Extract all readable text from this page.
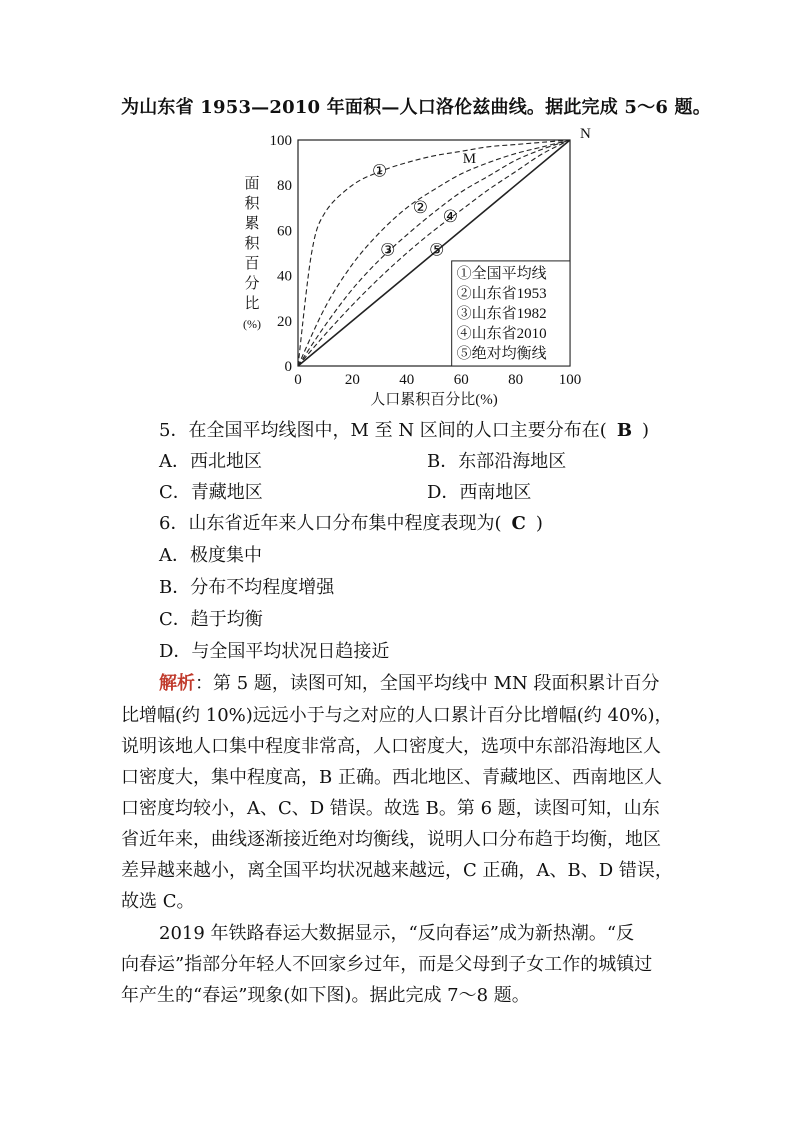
为山东省 1953—2010 年面积—人口洛伦兹曲线。据此完成 5～6 题。
①
②
③
④
⑤
M
N
0	20	40	60	80 100
0
20
40
60
80
100
人口累积百分比(%)
①全国平均线
②山东省1953
③山东省1982
④山东省2010
⑤绝对均衡线
面
积
累
积
百
分
比
(%)
5．在全国平均线图中，M 至 N 区间的人口主要分布在( B )
A．西北地区	B．东部沿海地区
C．青藏地区	D．西南地区
6．山东省近年来人口分布集中程度表现为( C )
A．极度集中
B．分布不均程度增强
C．趋于均衡
D．与全国平均状况日趋接近
解析：第 5 题，读图可知，全国平均线中 MN 段面积累计百分
比增幅(约 10%)远远小于与之对应的人口累计百分比增幅(约 40%)，
说明该地人口集中程度非常高，人口密度大，选项中东部沿海地区人
口密度大，集中程度高，B 正确。西北地区、青藏地区、西南地区人
口密度均较小，A、C、D 错误。故选 B。第 6 题，读图可知，山东
省近年来，曲线逐渐接近绝对均衡线，说明人口分布趋于均衡，地区
差异越来越小，离全国平均状况越来越远，C 正确，A、B、D 错误，
故选 C。
2019 年铁路春运大数据显示，“反向春运”成为新热潮。“反
向春运”指部分年轻人不回家乡过年，而是父母到子女工作的城镇过
年产生的“春运”现象(如下图)。据此完成 7～8 题。
